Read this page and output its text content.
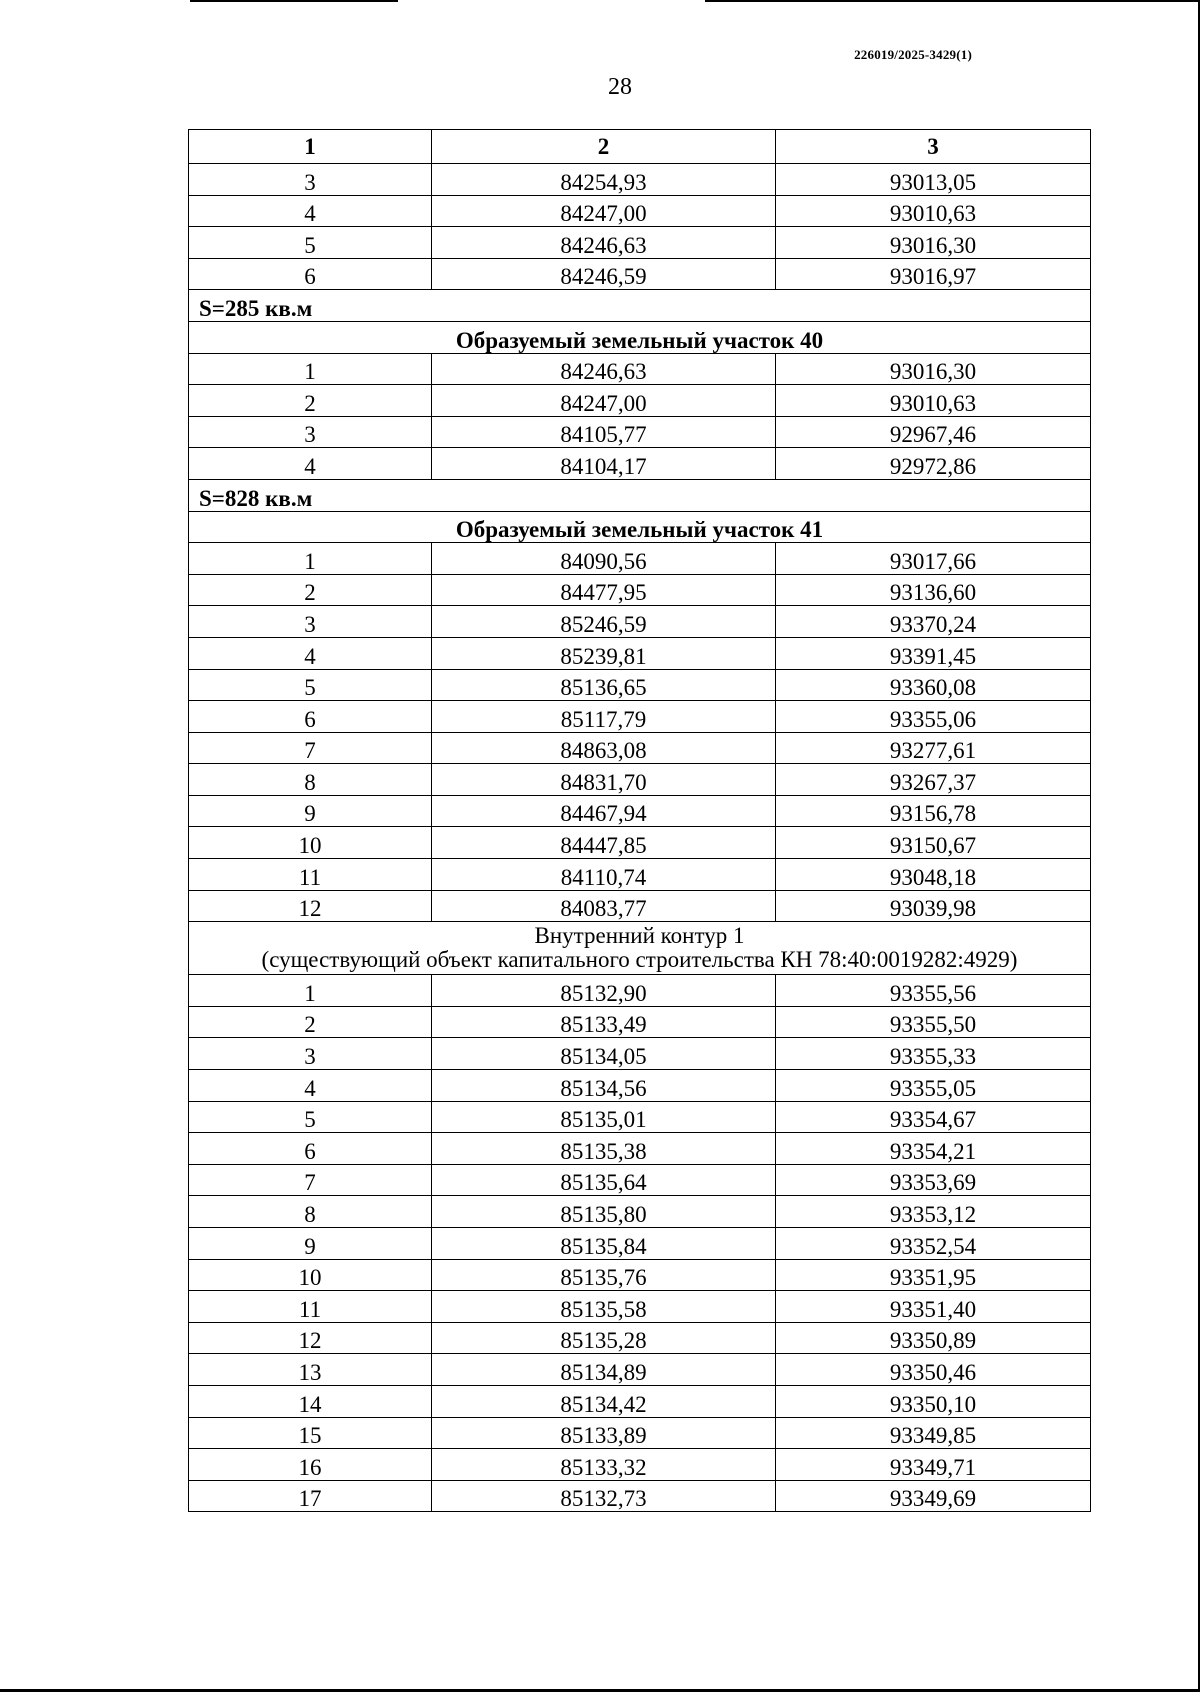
226019/2025-3429(1)
28
1	2	3
3	84254,93	93013,05
4	84247,00	93010,63
5	84246,63	93016,30
6	84246,59	93016,97
S=285 кв.м		
Образуемый земельный участок 40		
1	84246,63	93016,30
2	84247,00	93010,63
3	84105,77	92967,46
4	84104,17	92972,86
S=828 кв.м		
Образуемый земельный участок 41		
1	84090,56	93017,66
2	84477,95	93136,60
3	85246,59	93370,24
4	85239,81	93391,45
5	85136,65	93360,08
6	85117,79	93355,06
7	84863,08	93277,61
8	84831,70	93267,37
9	84467,94	93156,78
10	84447,85	93150,67
11	84110,74	93048,18
12	84083,77	93039,98

Внутренний контур 1
(существующий объект капитального строительства КН 78:40:0019282:4929)		

1	85132,90	93355,56
2	85133,49	93355,50
3	85134,05	93355,33
4	85134,56	93355,05
5	85135,01	93354,67
6	85135,38	93354,21
7	85135,64	93353,69
8	85135,80	93353,12
9	85135,84	93352,54
10	85135,76	93351,95
11	85135,58	93351,40
12	85135,28	93350,89
13	85134,89	93350,46
14	85134,42	93350,10
15	85133,89	93349,85
16	85133,32	93349,71
17	85132,73	93349,69
